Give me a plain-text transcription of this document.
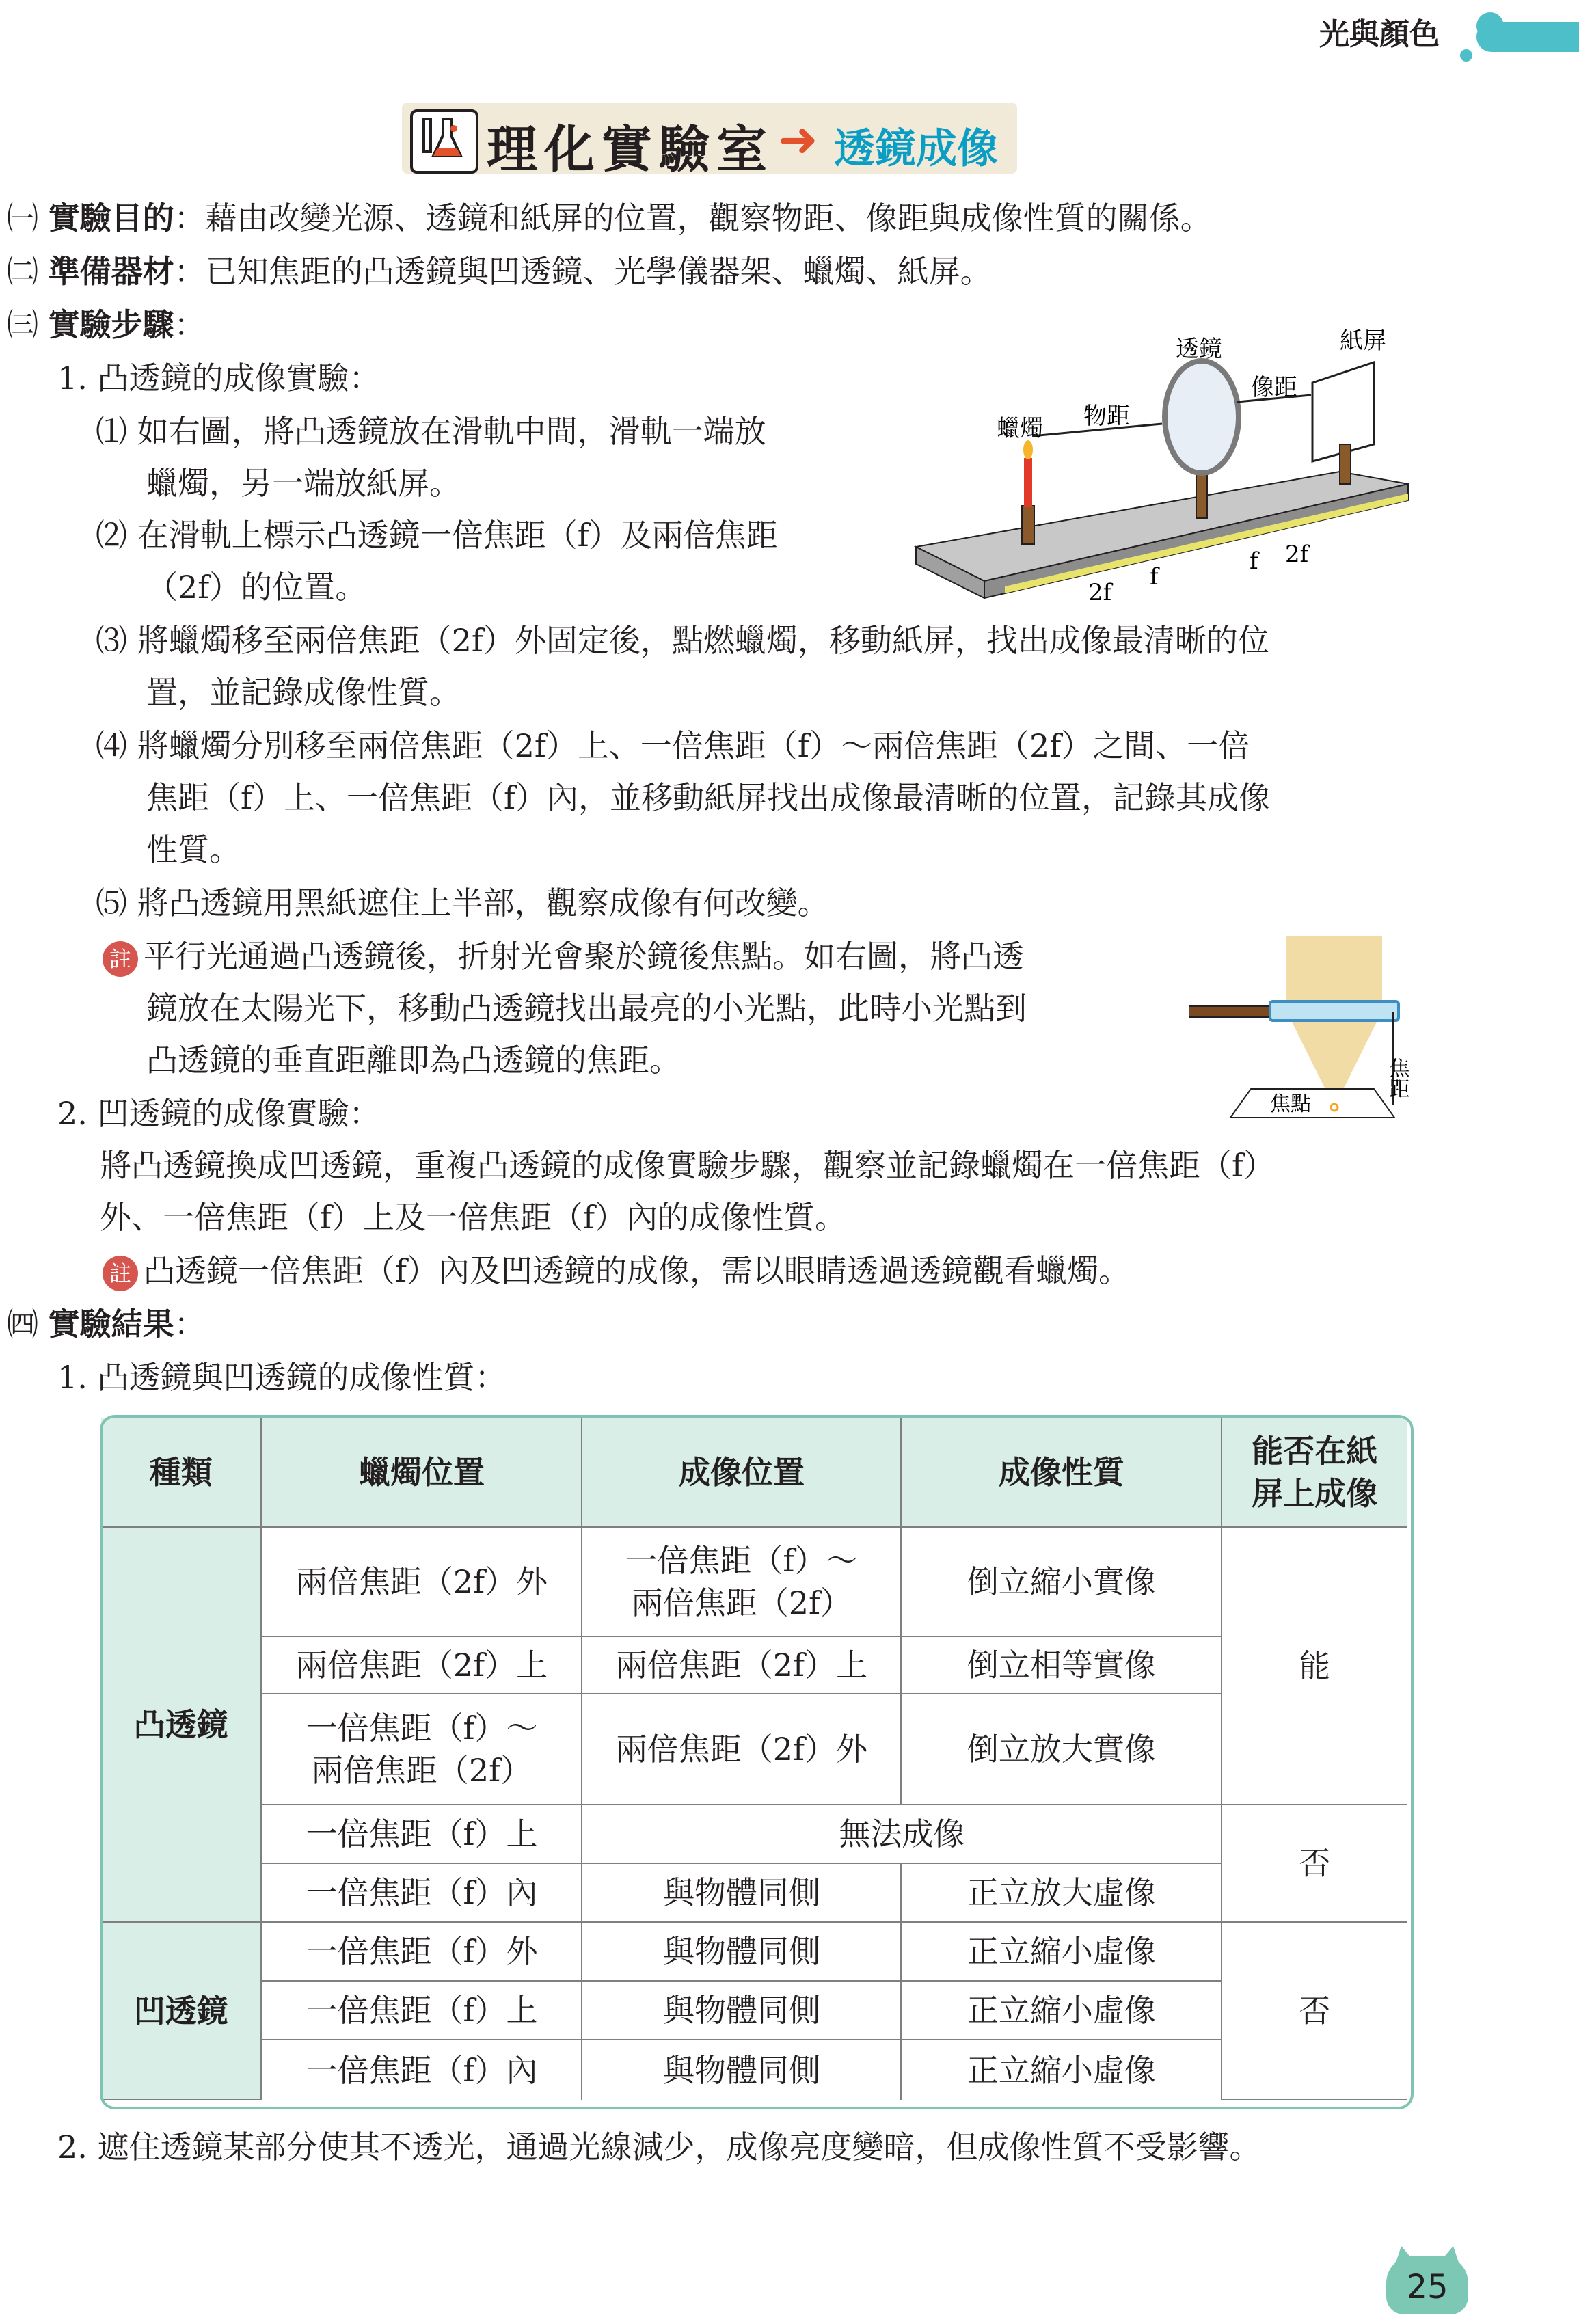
光與顏色
理化實驗室 ➜ 透鏡成像
㈠ 實驗目的：藉由改變光源、透鏡和紙屏的位置，觀察物距、像距與成像性質的關係。
㈡ 準備器材：已知焦距的凸透鏡與凹透鏡、光學儀器架、蠟燭、紙屏。
㈢ 實驗步驟：
1. 凸透鏡的成像實驗：
⑴ 如右圖，將凸透鏡放在滑軌中間，滑軌一端放
蠟燭，另一端放紙屏。
⑵ 在滑軌上標示凸透鏡一倍焦距（f）及兩倍焦距
（2f）的位置。
⑶ 將蠟燭移至兩倍焦距（2f）外固定後，點燃蠟燭，移動紙屏，找出成像最清晰的位
置，並記錄成像性質。
⑷ 將蠟燭分別移至兩倍焦距（2f）上、一倍焦距（f）～兩倍焦距（2f）之間、一倍
焦距（f）上、一倍焦距（f）內，並移動紙屏找出成像最清晰的位置，記錄其成像
性質。
⑸ 將凸透鏡用黑紙遮住上半部，觀察成像有何改變。
註 平行光通過凸透鏡後，折射光會聚於鏡後焦點。如右圖，將凸透
鏡放在太陽光下，移動凸透鏡找出最亮的小光點，此時小光點到
凸透鏡的垂直距離即為凸透鏡的焦距。
2. 凹透鏡的成像實驗：
將凸透鏡換成凹透鏡，重複凸透鏡的成像實驗步驟，觀察並記錄蠟燭在一倍焦距（f）
外、一倍焦距（f）上及一倍焦距（f）內的成像性質。
註 凸透鏡一倍焦距（f）內及凹透鏡的成像，需以眼睛透過透鏡觀看蠟燭。
㈣ 實驗結果：
1. 凸透鏡與凹透鏡的成像性質：
蠟燭 物距
透鏡
像距
紙屏
2f
f
f 2f
焦點
焦距
種類	蠟燭位置	成像位置	成像性質	能否在紙
屏上成像
凸透鏡	兩倍焦距（2f）外	一倍焦距（f）～
兩倍焦距（2f）	倒立縮小實像	能
	兩倍焦距（2f）上	兩倍焦距（2f）上	倒立相等實像	
	一倍焦距（f）～
兩倍焦距（2f）	兩倍焦距（2f）外	倒立放大實像	
	一倍焦距（f）上	無法成像		否
	一倍焦距（f）內	與物體同側	正立放大虛像	
凹透鏡	一倍焦距（f）外	與物體同側	正立縮小虛像	否
	一倍焦距（f）上	與物體同側	正立縮小虛像	
	一倍焦距（f）內	與物體同側	正立縮小虛像	
2. 遮住透鏡某部分使其不透光，通過光線減少，成像亮度變暗，但成像性質不受影響。
25
